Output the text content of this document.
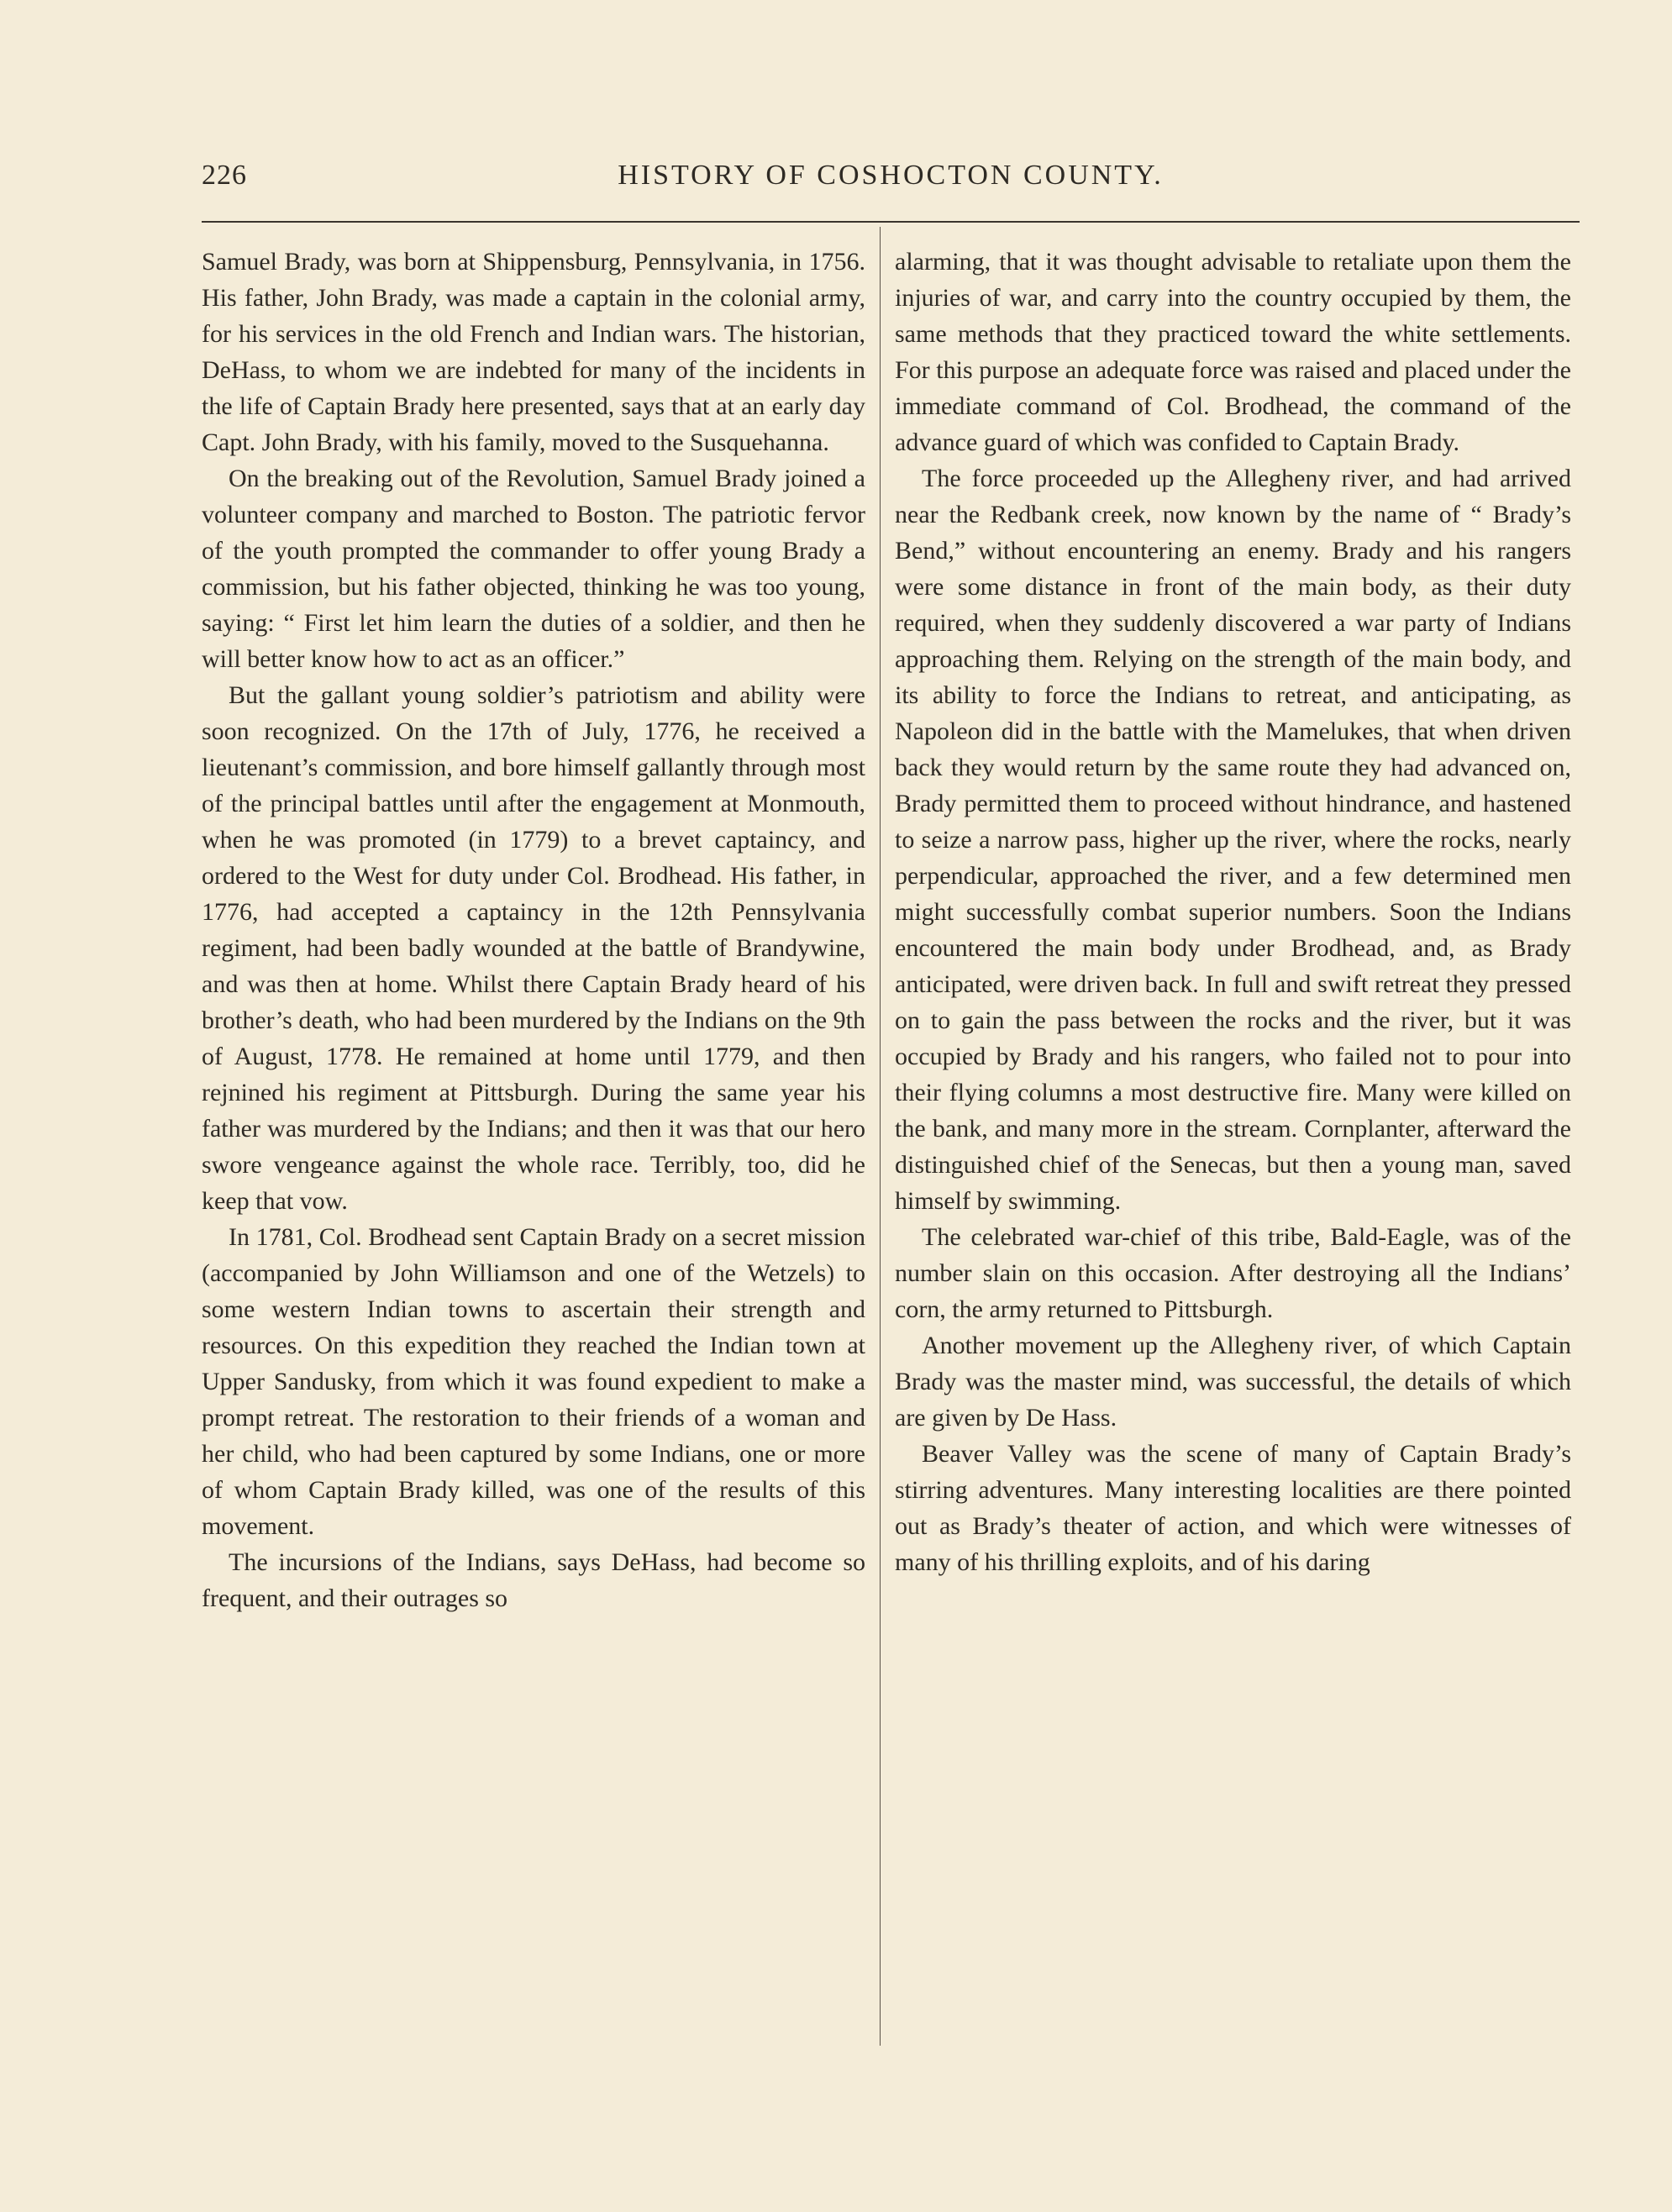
226	HISTORY OF COSHOCTON COUNTY.

Samuel Brady, was born at Shippensburg, Pennsylvania, in 1756. His father, John Brady, was made a captain in the colonial army, for his services in the old French and Indian wars. The historian, DeHass, to whom we are indebted for many of the incidents in the life of Captain Brady here presented, says that at an early day Capt. John Brady, with his family, moved to the Susquehanna.

On the breaking out of the Revolution, Samuel Brady joined a volunteer company and marched to Boston. The patriotic fervor of the youth prompted the commander to offer young Brady a commission, but his father objected, thinking he was too young, saying: “ First let him learn the duties of a soldier, and then he will better know how to act as an officer.”

But the gallant young soldier’s patriotism and ability were soon recognized. On the 17th of July, 1776, he received a lieutenant’s commission, and bore himself gallantly through most of the principal battles until after the engagement at Monmouth, when he was promoted (in 1779) to a brevet captaincy, and ordered to the West for duty under Col. Brodhead. His father, in 1776, had accepted a captaincy in the 12th Pennsylvania regiment, had been badly wounded at the battle of Brandywine, and was then at home. Whilst there Captain Brady heard of his brother’s death, who had been murdered by the Indians on the 9th of August, 1778. He remained at home until 1779, and then rejnined his regiment at Pittsburgh. During the same year his father was murdered by the Indians; and then it was that our hero swore vengeance against the whole race. Terribly, too, did he keep that vow.

In 1781, Col. Brodhead sent Captain Brady on a secret mission (accompanied by John Williamson and one of the Wetzels) to some western Indian towns to ascertain their strength and resources. On this expedition they reached the Indian town at Upper Sandusky, from which it was found expedient to make a prompt retreat. The restoration to their friends of a woman and her child, who had been captured by some Indians, one or more of whom Captain Brady killed, was one of the results of this movement.

The incursions of the Indians, says DeHass, had become so frequent, and their outrages so

alarming, that it was thought advisable to retaliate upon them the injuries of war, and carry into the country occupied by them, the same methods that they practiced toward the white settlements. For this purpose an adequate force was raised and placed under the immediate command of Col. Brodhead, the command of the advance guard of which was confided to Captain Brady.

The force proceeded up the Allegheny river, and had arrived near the Redbank creek, now known by the name of “ Brady’s Bend,” without encountering an enemy. Brady and his rangers were some distance in front of the main body, as their duty required, when they suddenly discovered a war party of Indians approaching them. Relying on the strength of the main body, and its ability to force the Indians to retreat, and anticipating, as Napoleon did in the battle with the Mamelukes, that when driven back they would return by the same route they had advanced on, Brady permitted them to proceed without hindrance, and hastened to seize a narrow pass, higher up the river, where the rocks, nearly perpendicular, approached the river, and a few determined men might successfully combat superior numbers. Soon the Indians encountered the main body under Brodhead, and, as Brady anticipated, were driven back. In full and swift retreat they pressed on to gain the pass between the rocks and the river, but it was occupied by Brady and his rangers, who failed not to pour into their flying columns a most destructive fire. Many were killed on the bank, and many more in the stream. Cornplanter, afterward the distinguished chief of the Senecas, but then a young man, saved himself by swimming.

The celebrated war-chief of this tribe, Bald-Eagle, was of the number slain on this occasion. After destroying all the Indians’ corn, the army returned to Pittsburgh.

Another movement up the Allegheny river, of which Captain Brady was the master mind, was successful, the details of which are given by De Hass.

Beaver Valley was the scene of many of Captain Brady’s stirring adventures. Many interesting localities are there pointed out as Brady’s theater of action, and which were witnesses of many of his thrilling exploits, and of his daring
